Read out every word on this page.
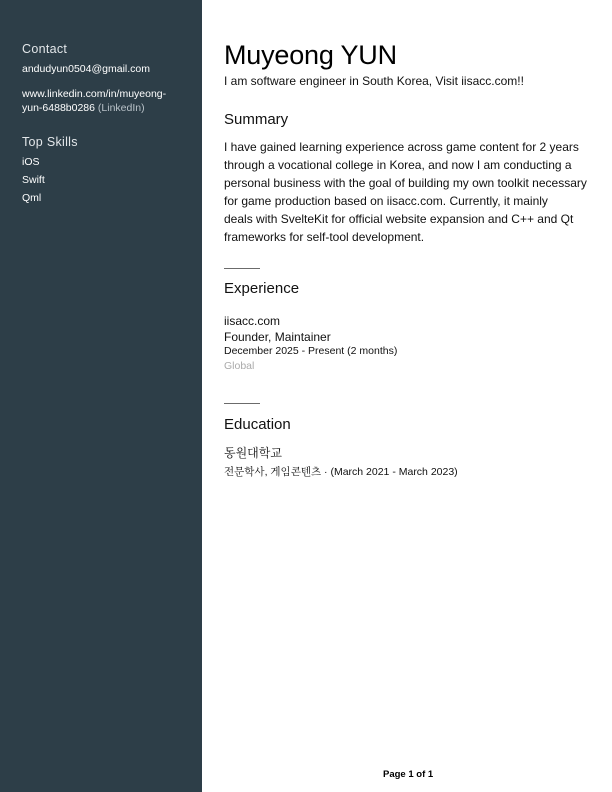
Contact
andudyun0504@gmail.com
www.linkedin.com/in/muyeong-
yun-6488b0286 (LinkedIn)
Top Skills
iOS
Swift
Qml
Muyeong YUN
I am software engineer in South Korea, Visit iisacc.com!!
Summary
I have gained learning experience across game content for 2 years
through a vocational college in Korea, and now I am conducting a
personal business with the goal of building my own toolkit necessary
for game production based on iisacc.com. Currently, it mainly
deals with SvelteKit for official website expansion and C++ and Qt
frameworks for self-tool development.
Experience
iisacc.com
Founder, Maintainer
December 2025 - Present (2 months)
Global
Education
동원대학교
전문학사, 게임콘텐츠 · (March 2021 - March 2023)
Page 1 of 1
